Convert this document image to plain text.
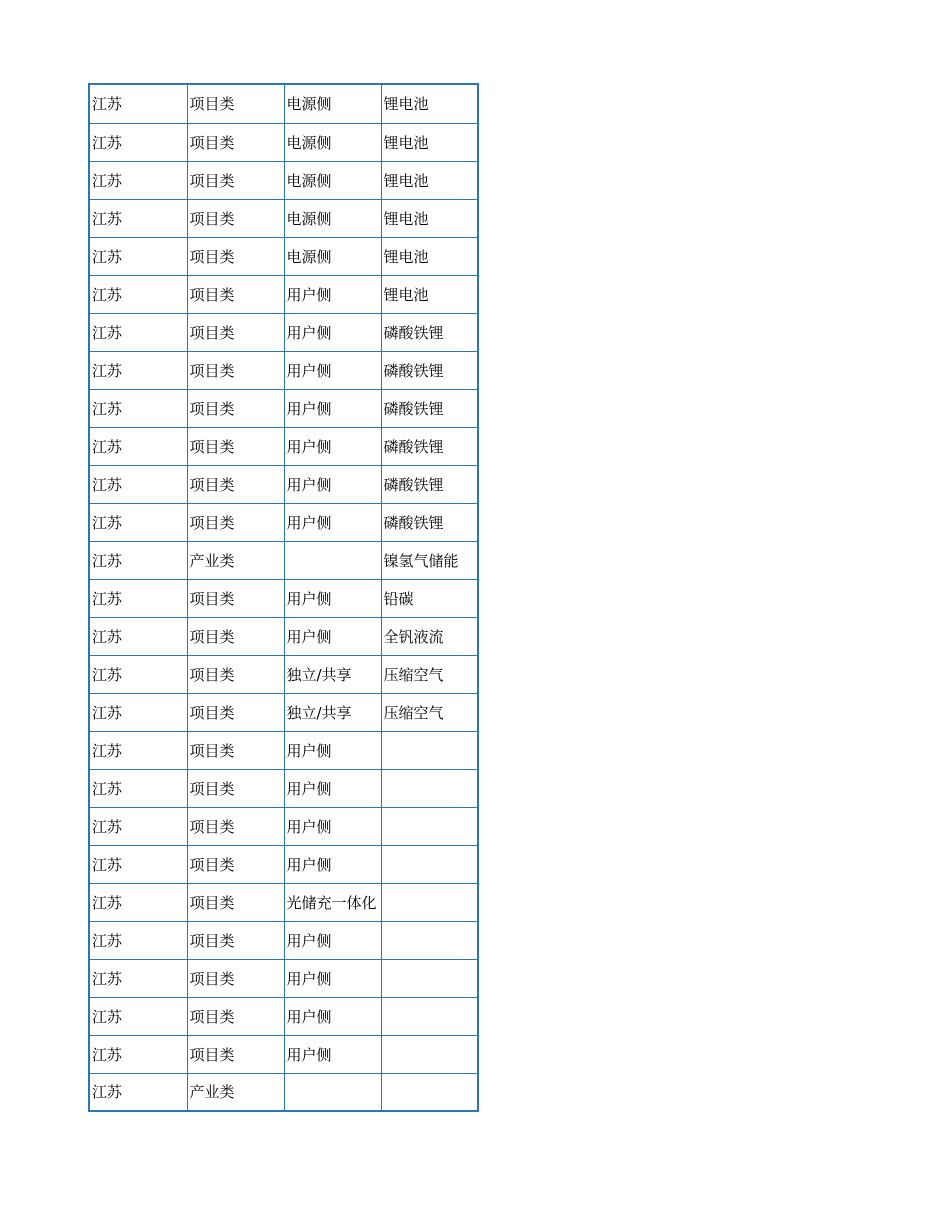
江苏	项目类	电源侧	锂电池
江苏	项目类	电源侧	锂电池
江苏	项目类	电源侧	锂电池
江苏	项目类	电源侧	锂电池
江苏	项目类	电源侧	锂电池
江苏	项目类	用户侧	锂电池
江苏	项目类	用户侧	磷酸铁锂
江苏	项目类	用户侧	磷酸铁锂
江苏	项目类	用户侧	磷酸铁锂
江苏	项目类	用户侧	磷酸铁锂
江苏	项目类	用户侧	磷酸铁锂
江苏	项目类	用户侧	磷酸铁锂
江苏	产业类		镍氢气储能
江苏	项目类	用户侧	铅碳
江苏	项目类	用户侧	全钒液流
江苏	项目类	独立/共享	压缩空气
江苏	项目类	独立/共享	压缩空气
江苏	项目类	用户侧	
江苏	项目类	用户侧	
江苏	项目类	用户侧	
江苏	项目类	用户侧	
江苏	项目类	光储充一体化	
江苏	项目类	用户侧	
江苏	项目类	用户侧	
江苏	项目类	用户侧	
江苏	项目类	用户侧	
江苏	产业类		
